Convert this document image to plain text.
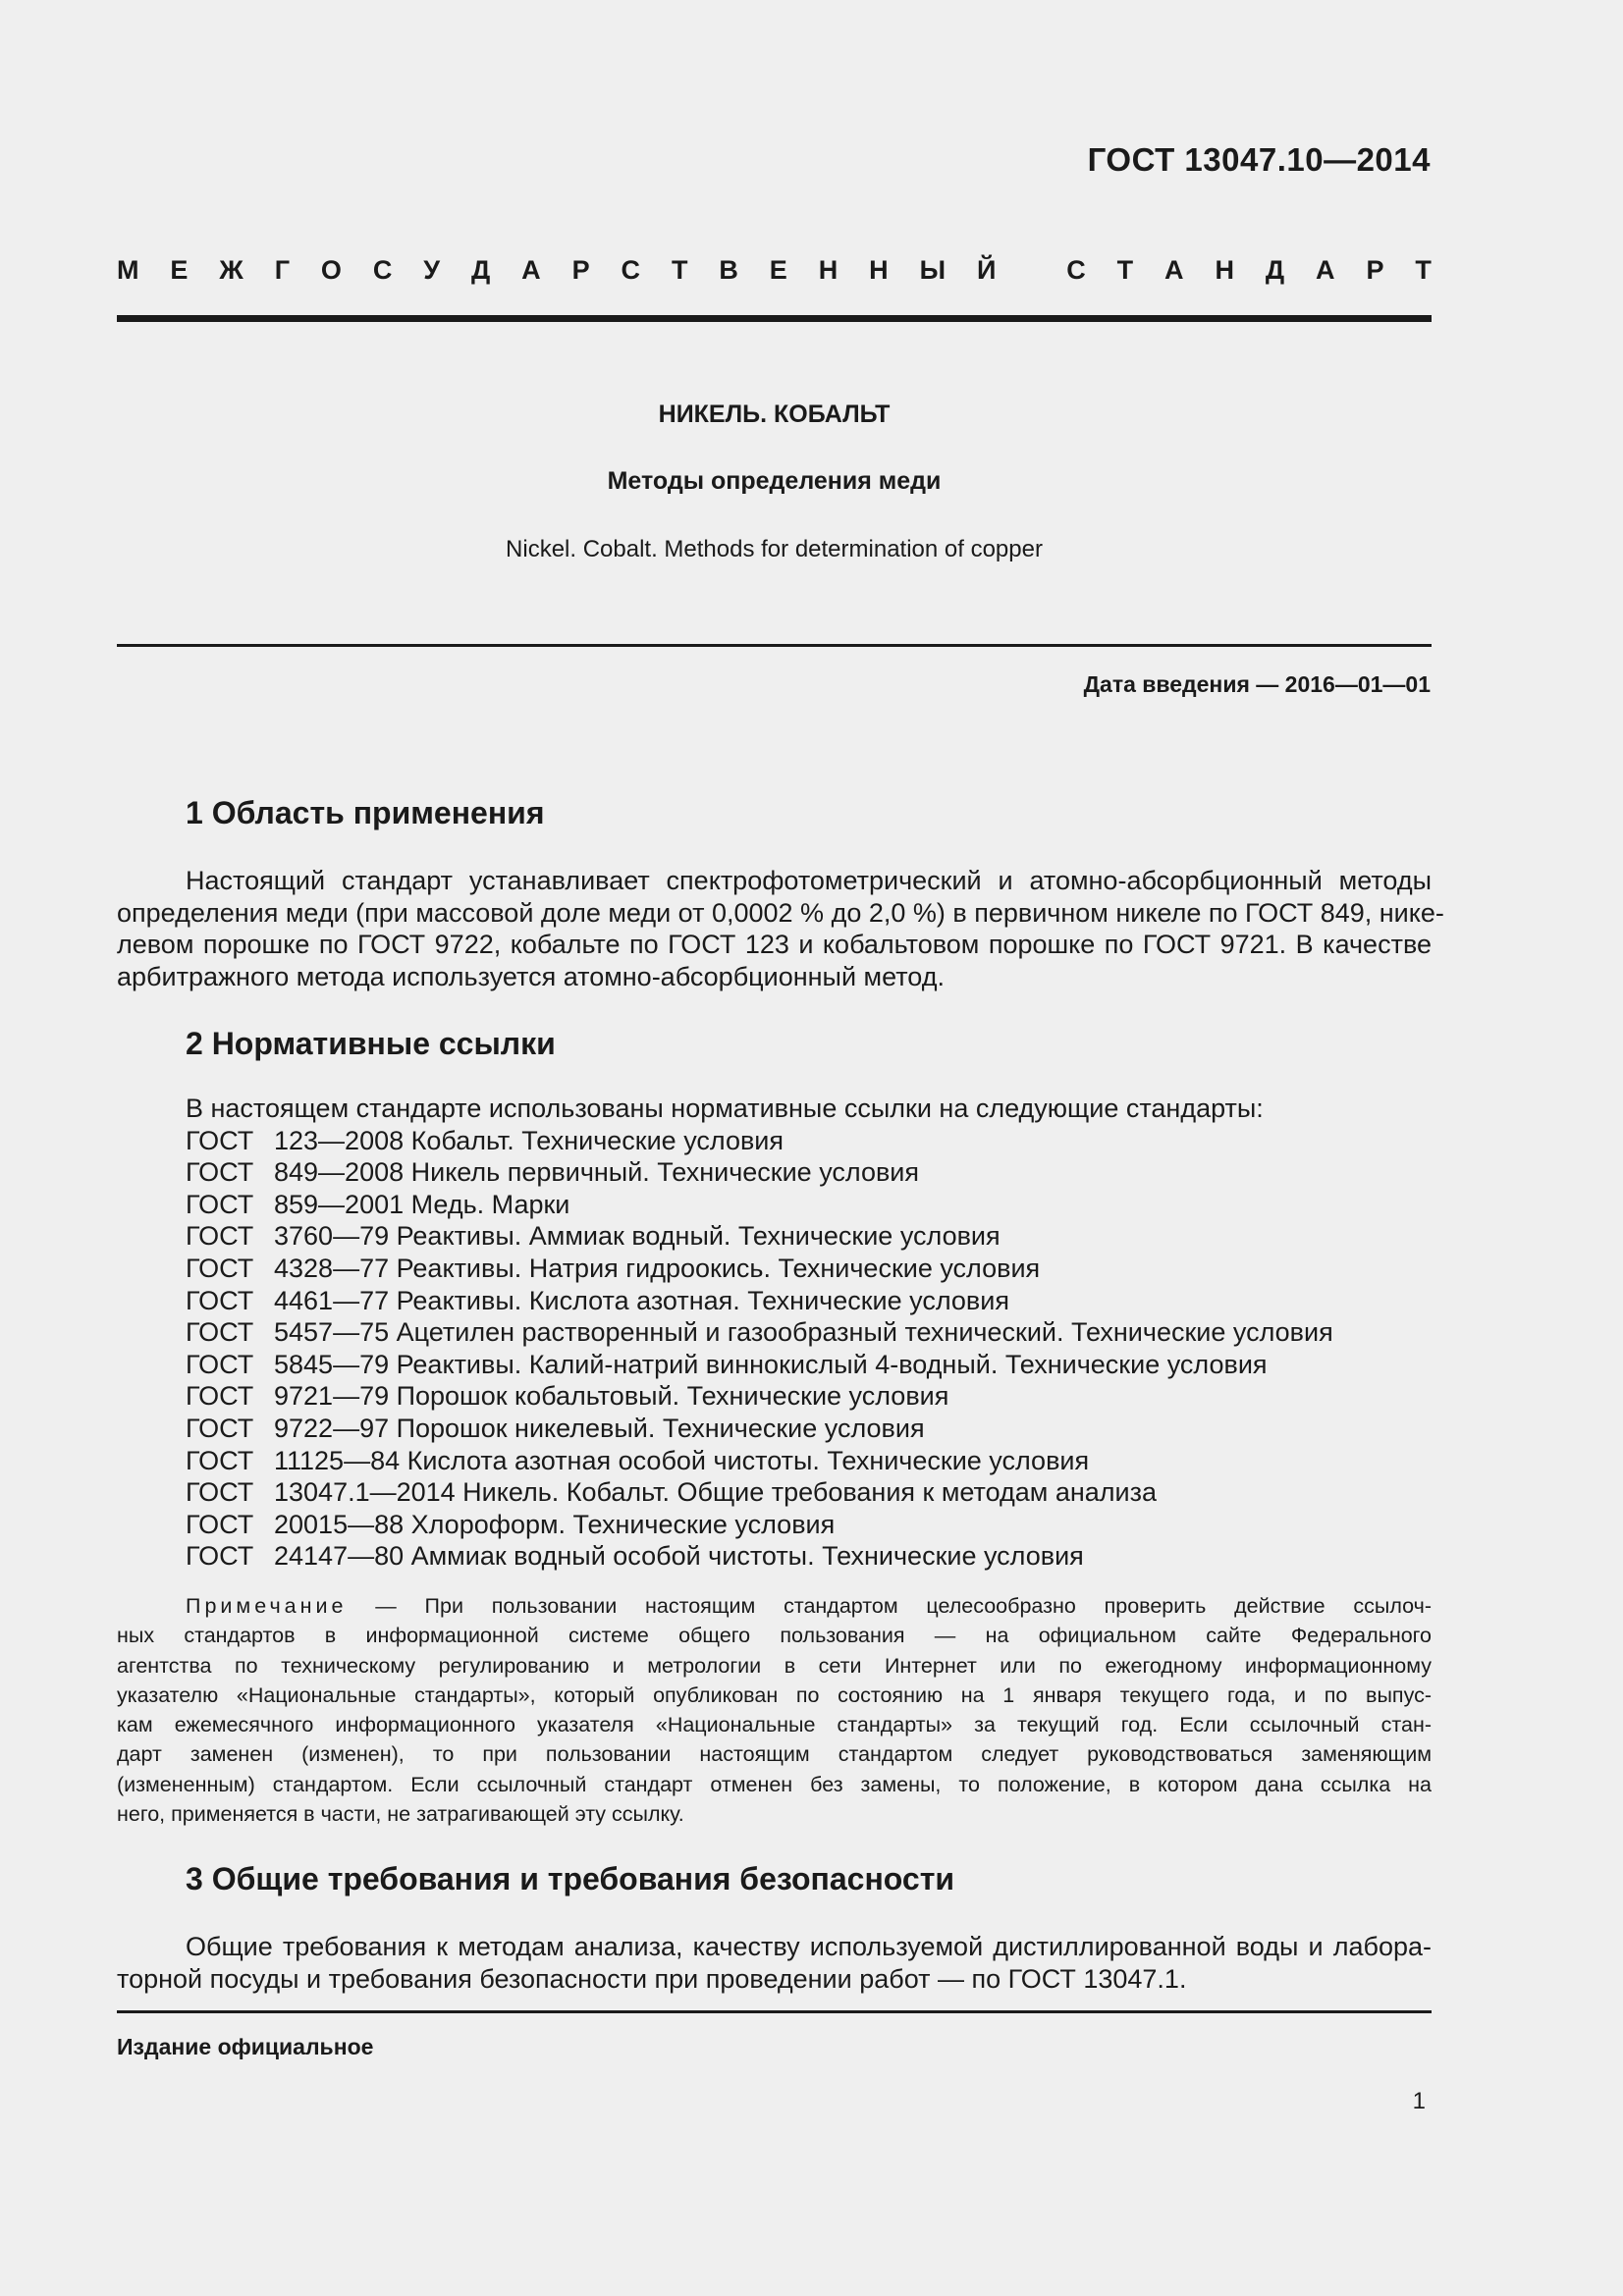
ГОСТ 13047.10—2014
М Е Ж Г О С У Д А Р С Т В Е Н Н Ы Й	С Т А Н Д А Р Т
НИКЕЛЬ. КОБАЛЬТ
Методы определения меди
Nickel. Cobalt. Methods for determination of copper
Дата введения — 2016—01—01
1 Область применения
Настоящий стандарт устанавливает спектрофотометрический и атомно-абсорбционный методы
определения меди (при массовой доле меди от 0,0002 % до 2,0 %) в первичном никеле по ГОСТ 849, нике-
левом порошке по ГОСТ 9722, кобальте по ГОСТ 123 и кобальтовом порошке по ГОСТ 9721. В качестве
арбитражного метода используется атомно-абсорбционный метод.
2 Нормативные ссылки
В настоящем стандарте использованы нормативные ссылки на следующие стандарты:
ГОСТ 123—2008 Кобальт. Технические условия
ГОСТ 849—2008 Никель первичный. Технические условия
ГОСТ 859—2001 Медь. Марки
ГОСТ 3760—79 Реактивы. Аммиак водный. Технические условия
ГОСТ 4328—77 Реактивы. Натрия гидроокись. Технические условия
ГОСТ 4461—77 Реактивы. Кислота азотная. Технические условия
ГОСТ 5457—75 Ацетилен растворенный и газообразный технический. Технические условия
ГОСТ 5845—79 Реактивы. Калий-натрий виннокислый 4-водный. Технические условия
ГОСТ 9721—79 Порошок кобальтовый. Технические условия
ГОСТ 9722—97 Порошок никелевый. Технические условия
ГОСТ 11125—84 Кислота азотная особой чистоты. Технические условия
ГОСТ 13047.1—2014 Никель. Кобальт. Общие требования к методам анализа
ГОСТ 20015—88 Хлороформ. Технические условия
ГОСТ 24147—80 Аммиак водный особой чистоты. Технические условия
Примечание — При пользовании настоящим стандартом целесообразно проверить действие ссылоч-
ных стандартов в информационной системе общего пользования — на официальном сайте Федерального
агентства по техническому регулированию и метрологии в сети Интернет или по ежегодному информационному
указателю «Национальные стандарты», который опубликован по состоянию на 1 января текущего года, и по выпус-
кам ежемесячного информационного указателя «Национальные стандарты» за текущий год. Если ссылочный стан-
дарт заменен (изменен), то при пользовании настоящим стандартом следует руководствоваться заменяющим
(измененным) стандартом. Если ссылочный стандарт отменен без замены, то положение, в котором дана ссылка на
него, применяется в части, не затрагивающей эту ссылку.
3 Общие требования и требования безопасности
Общие требования к методам анализа, качеству используемой дистиллированной воды и лабора-
торной посуды и требования безопасности при проведении работ — по ГОСТ 13047.1.
Издание официальное
1
